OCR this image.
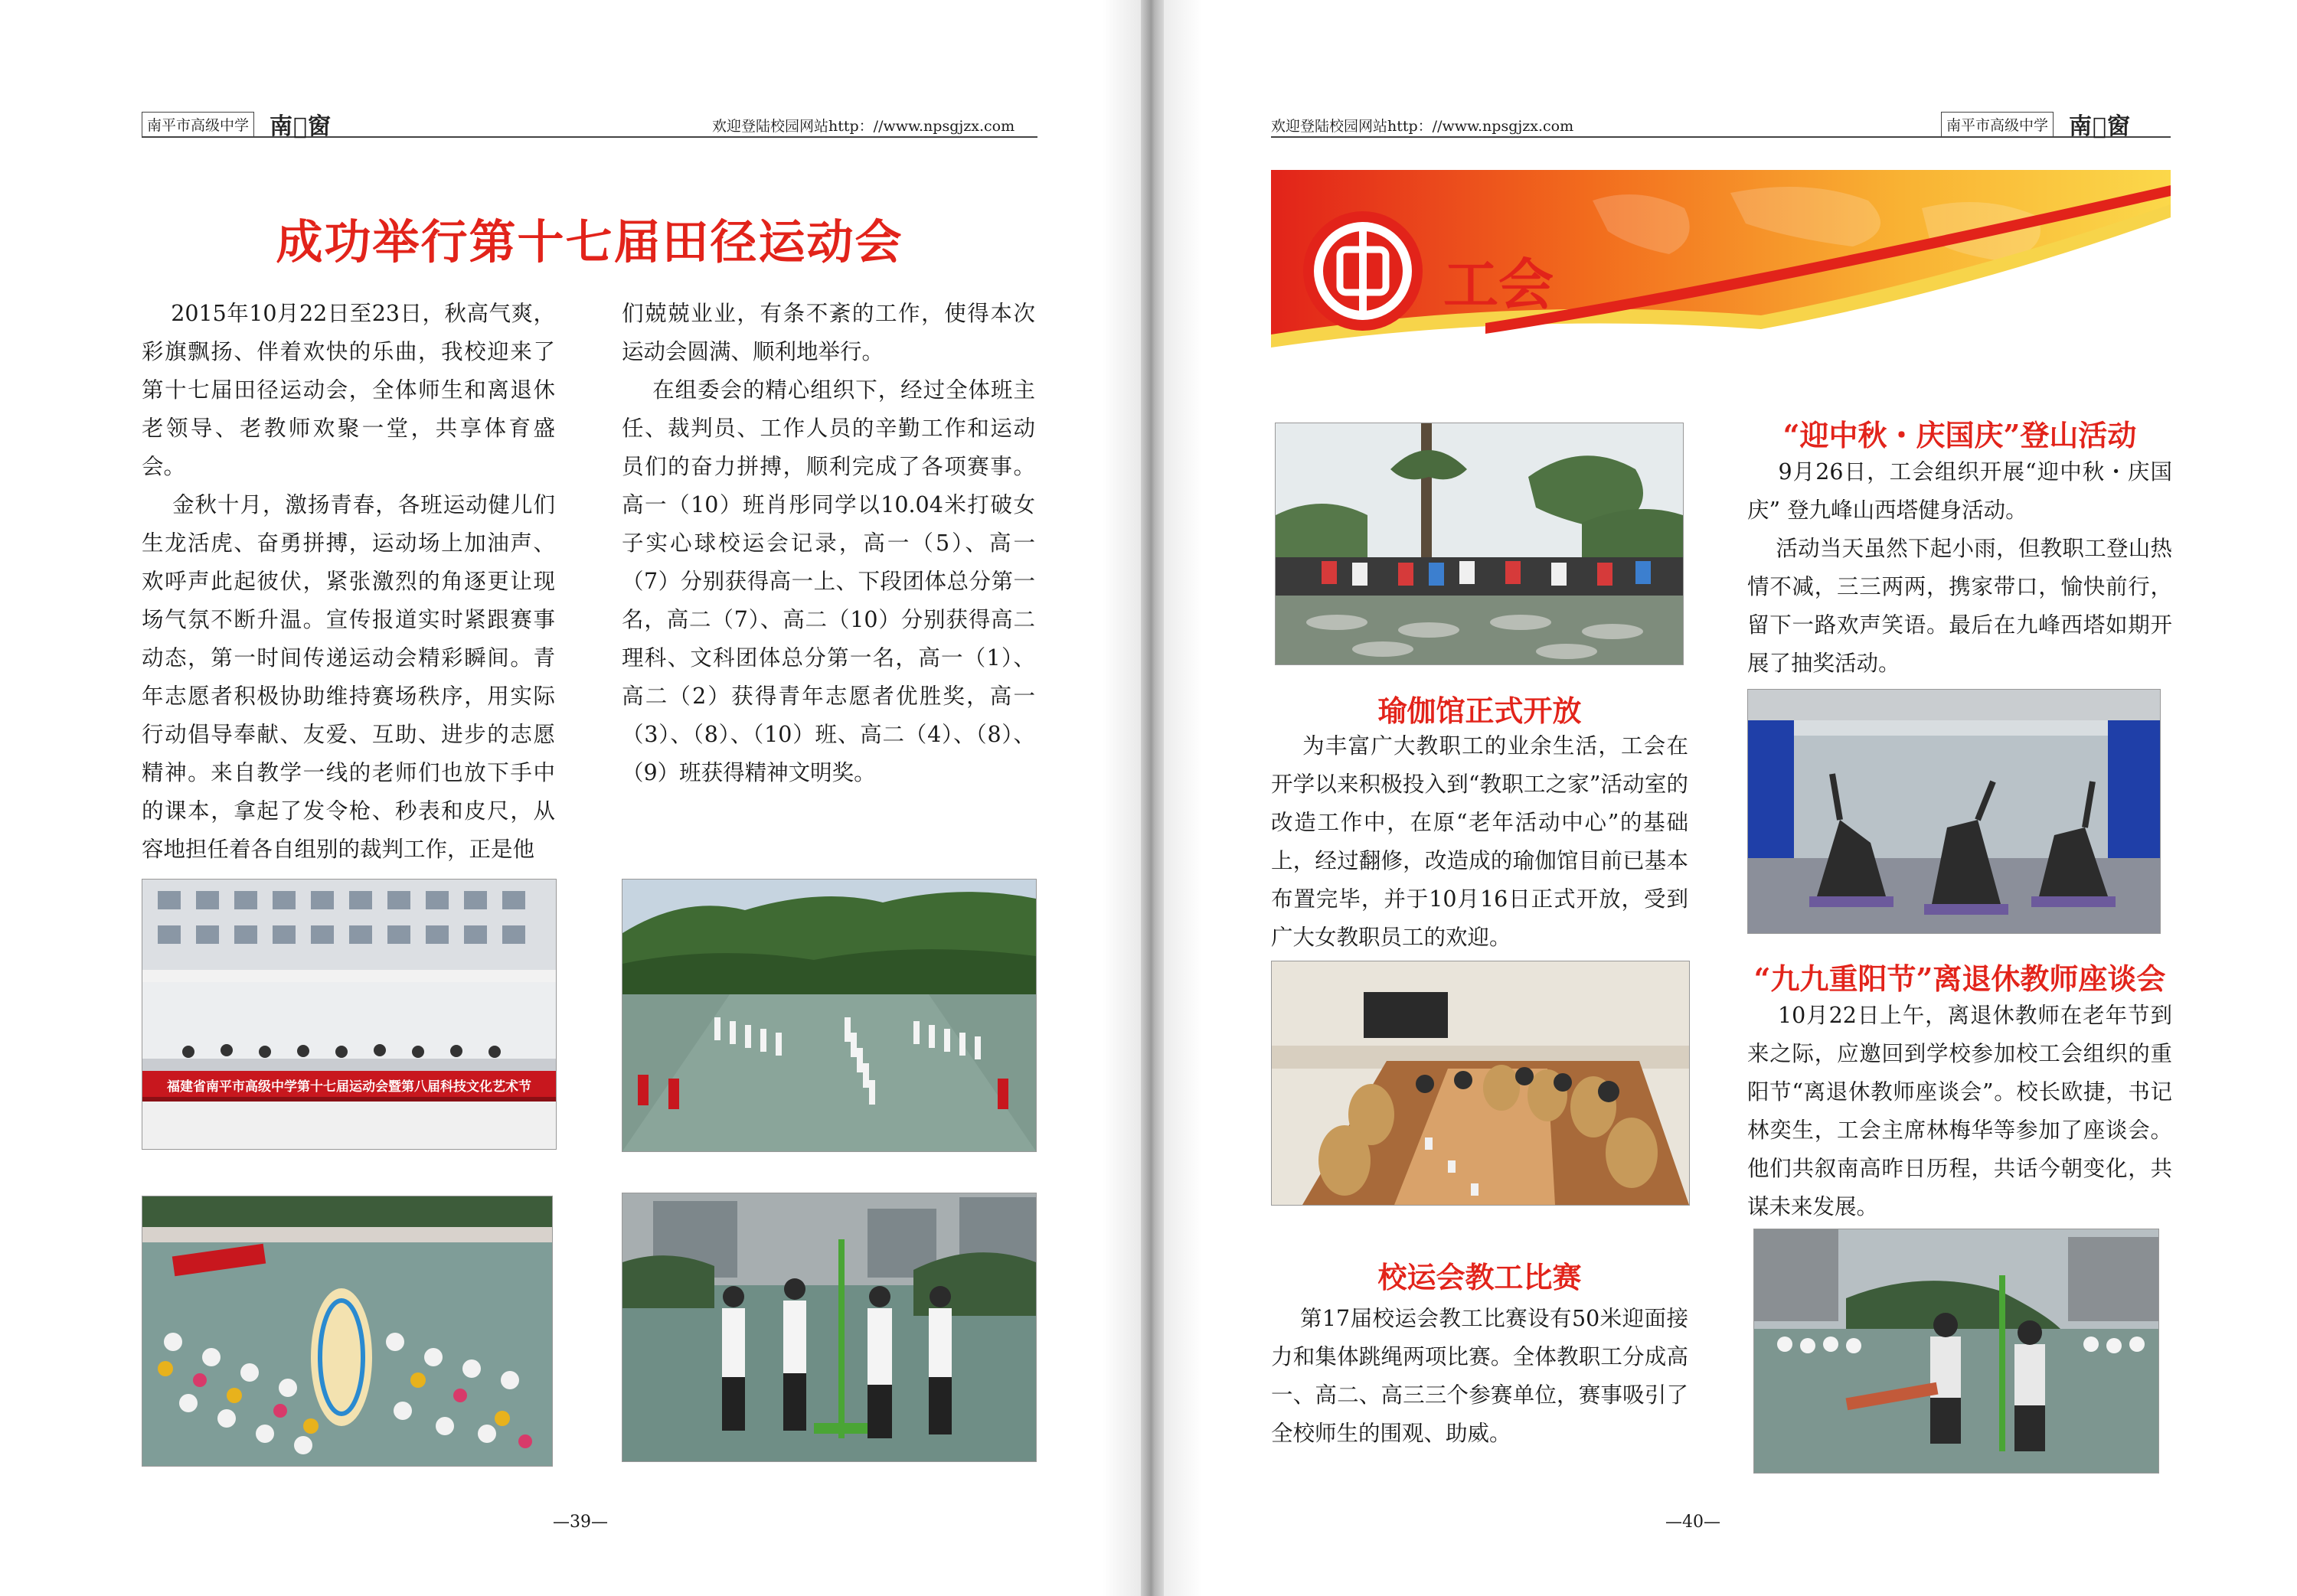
南平市高级中学 南𢿱窗	欢迎登陆校园网站http：//www.npsgjzx.com
成功举行第十七届田径运动会

2015年10月22日至23日，秋高气爽，彩旗飘扬、伴着欢快的乐曲，我校迎来了第十七届田径运动会，全体师生和离退休老领导、老教师欢聚一堂，共享体育盛会。
金秋十月，激扬青春，各班运动健儿们生龙活虎、奋勇拼搏，运动场上加油声、欢呼声此起彼伏，紧张激烈的角逐更让现场气氛不断升温。宣传报道实时紧跟赛事动态，第一时间传递运动会精彩瞬间。青年志愿者积极协助维持赛场秩序，用实际行动倡导奉献、友爱、互助、进步的志愿精神。来自教学一线的老师们也放下手中的课本，拿起了发令枪、秒表和皮尺，从容地担任着各自组别的裁判工作，正是他

们兢兢业业，有条不紊的工作，使得本次运动会圆满、顺利地举行。
在组委会的精心组织下，经过全体班主任、裁判员、工作人员的辛勤工作和运动员们的奋力拼搏，顺利完成了各项赛事。高一（10）班肖彤同学以10.04米打破女子实心球校运会记录，高一（5）、高一（7）分别获得高一上、下段团体总分第一名，高二（7）、高二（10）分别获得高二理科、文科团体总分第一名，高一（1）、高二（2）获得青年志愿者优胜奖，高一（3）、（8）、（10）班、高二（4）、（8）、（9）班获得精神文明奖。

福建省南平市高级中学第十七届运动会暨第八届科技文化艺术节
—39—
欢迎登陆校园网站http：//www.npsgjzx.com	南平市高级中学 南𢿱窗
工会
瑜伽馆正式开放

为丰富广大教职工的业余生活，工会在开学以来积极投入到“教职工之家”活动室的改造工作中，在原“老年活动中心”的基础上，经过翻修，改造成的瑜伽馆目前已基本布置完毕，并于10月16日正式开放，受到广大女教职员工的欢迎。

校运会教工比赛

第17届校运会教工比赛设有50米迎面接力和集体跳绳两项比赛。全体教职工分成高一、高二、高三三个参赛单位，赛事吸引了全校师生的围观、助威。

“迎中秋・庆国庆”登山活动

9月26日，工会组织开展“迎中秋・庆国庆” 登九峰山西塔健身活动。
活动当天虽然下起小雨，但教职工登山热情不减，三三两两，携家带口，愉快前行，留下一路欢声笑语。最后在九峰西塔如期开展了抽奖活动。

“九九重阳节”离退休教师座谈会

10月22日上午，离退休教师在老年节到来之际，应邀回到学校参加校工会组织的重阳节“离退休教师座谈会”。校长欧捷，书记林奕生，工会主席林梅华等参加了座谈会。他们共叙南高昨日历程，共话今朝变化，共谋未来发展。

—40—
